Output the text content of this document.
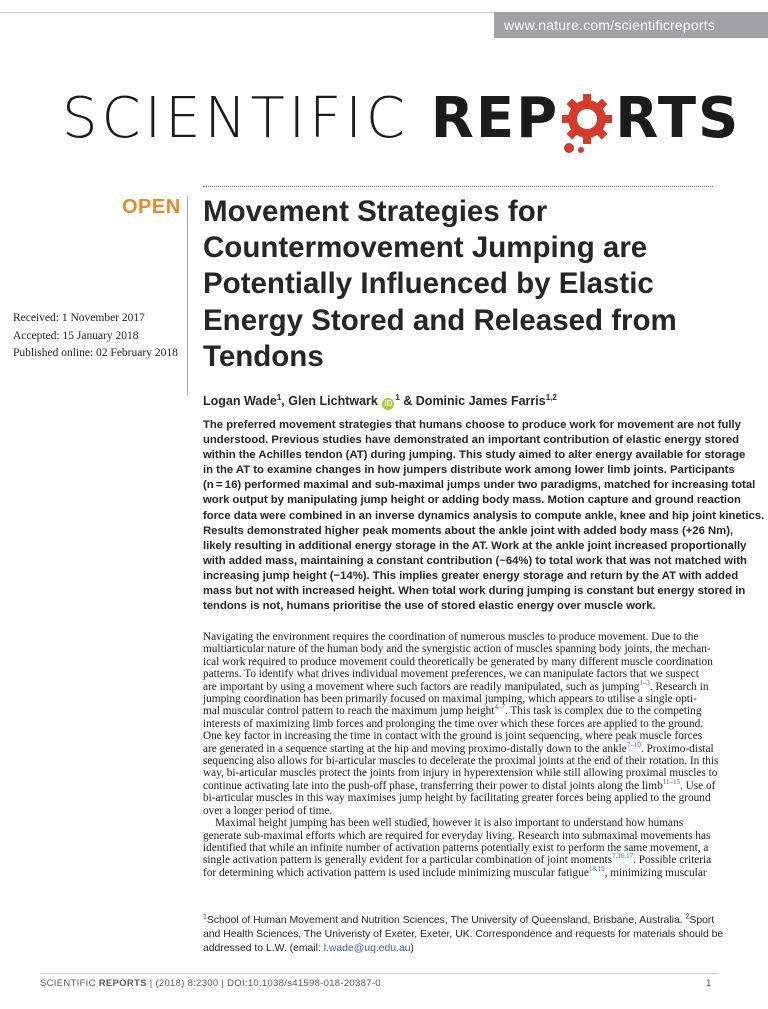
www.nature.com/scientificreports
SCIENTIFIC REP RTS
OPEN Movement Strategies for Countermovement Jumping are Potentially Influenced by Elastic Energy Stored and Released from Tendons
Received: 1 November 2017
Accepted: 15 January 2018
Published online: 02 February 2018
Logan Wade$^1$, Glen Lichtwark $iD^1$ & Dominic James Farris$^{1,2}$

The preferred movement strategies that humans choose to produce work for movement are not fully

understood. Previous studies have demonstrated an important contribution of elastic energy stored

within the Achilles tendon (AT) during jumping. This study aimed to alter energy available for storage

in the AT to examine changes in how jumpers distribute work among lower limb joints. Participants

(n = 16) performed maximal and sub-maximal jumps under two paradigms, matched for increasing total

work output by manipulating jump height or adding body mass. Motion capture and ground reaction

force data were combined in an inverse dynamics analysis to compute ankle, knee and hip joint kinetics.

Results demonstrated higher peak moments about the ankle joint with added body mass (+26 Nm),

likely resulting in additional energy storage in the AT. Work at the ankle joint increased proportionally

with added mass, maintaining a constant contribution (~64%) to total work that was not matched with

increasing jump height (−14%). This implies greater energy storage and return by the AT with added

mass but not with increased height. When total work during jumping is constant but energy stored in

tendons is not, humans prioritise the use of stored elastic energy over muscle work.

Navigating the environment requires the coordination of numerous muscles to produce movement. Due to the

multiarticular nature of the human body and the synergistic action of muscles spanning body joints, the mechan-

ical work required to produce movement could theoretically be generated by many different muscle coordination

patterns. To identify what drives individual movement preferences, we can manipulate factors that we suspect

are important by using a movement where such factors are readily manipulated, such as jumping$^{1-3}$. Research in

jumping coordination has been primarily focused on maximal jumping, which appears to utilise a single opti-

mal muscular control pattern to reach the maximum jump height$^{4-7}$. This task is complex due to the competing

interests of maximizing limb forces and prolonging the time over which these forces are applied to the ground.

One key factor in increasing the time in contact with the ground is joint sequencing, where peak muscle forces

are generated in a sequence starting at the hip and moving proximo-distally down to the ankle$^{7-10}$. Proximo-distal

sequencing also allows for bi-articular muscles to decelerate the proximal joints at the end of their rotation. In this

way, bi-articular muscles protect the joints from injury in hyperextension while still allowing proximal muscles to

continue activating late into the push-off phase, transferring their power to distal joints along the limb$^{11-15}$. Use of

bi-articular muscles in this way maximises jump height by facilitating greater forces being applied to the ground

over a longer period of time.

Maximal height jumping has been well studied, however it is also important to understand how humans

generate sub-maximal efforts which are required for everyday living. Research into submaximal movements has

identified that while an infinite number of activation patterns potentially exist to perform the same movement, a

single activation pattern is generally evident for a particular combination of joint moments$^{7,16,17}$. Possible criteria

for determining which activation pattern is used include minimizing muscular fatigue$^{18,19}$, minimizing muscular

$^1$School of Human Movement and Nutrition Sciences, The University of Queensland, Brisbane, Australia. $^2$Sport

and Health Sciences, The Univeristy of Exeter, Exeter, UK. Correspondence and requests for materials should be

addressed to L.W. (email: l.wade@uq.edu.au)

SCIENTIFIC REPORTS | (2018) 8:2300 | DOI:10.1038/s41598-018-20387-0	1
